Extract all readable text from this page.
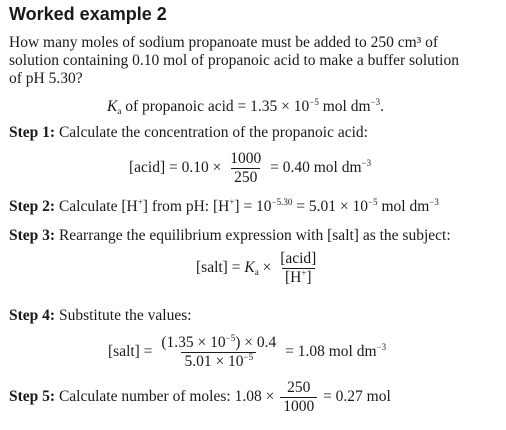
Worked example 2
How many moles of sodium propanoate must be added to 250 cm³ of
solution containing 0.10 mol of propanoic acid to make a buffer solution
of pH 5.30?
$K_a$ of propanoic acid = $1.35 \times 10^{-5}$ mol $dm^{-3}$.
Step 1: Calculate the concentration of the propanoic acid:
[acid] = $0.10 \times \frac{1000}{250} = 0.40$ mol $dm^{-3}$
Step 2: Calculate [H+] from pH: $[H^+] = 10^{-5.30} = 5.01 \times 10^{-5}$ mol $dm^{-3}$
Step 3: Rearrange the equilibrium expression with [salt] as the subject:
[salt] = $K_a \times \frac{\text{[acid]}}{[H^+]}$
Step 4: Substitute the values:
[salt] = $\frac{(1.35 \times 10^{-5}) \times 0.4}{5.01 \times 10^{-5}} = 1.08$ mol $dm^{-3}$
Step 5: Calculate number of moles: $1.08 \times \frac{250}{1000} = 0.27$ mol
